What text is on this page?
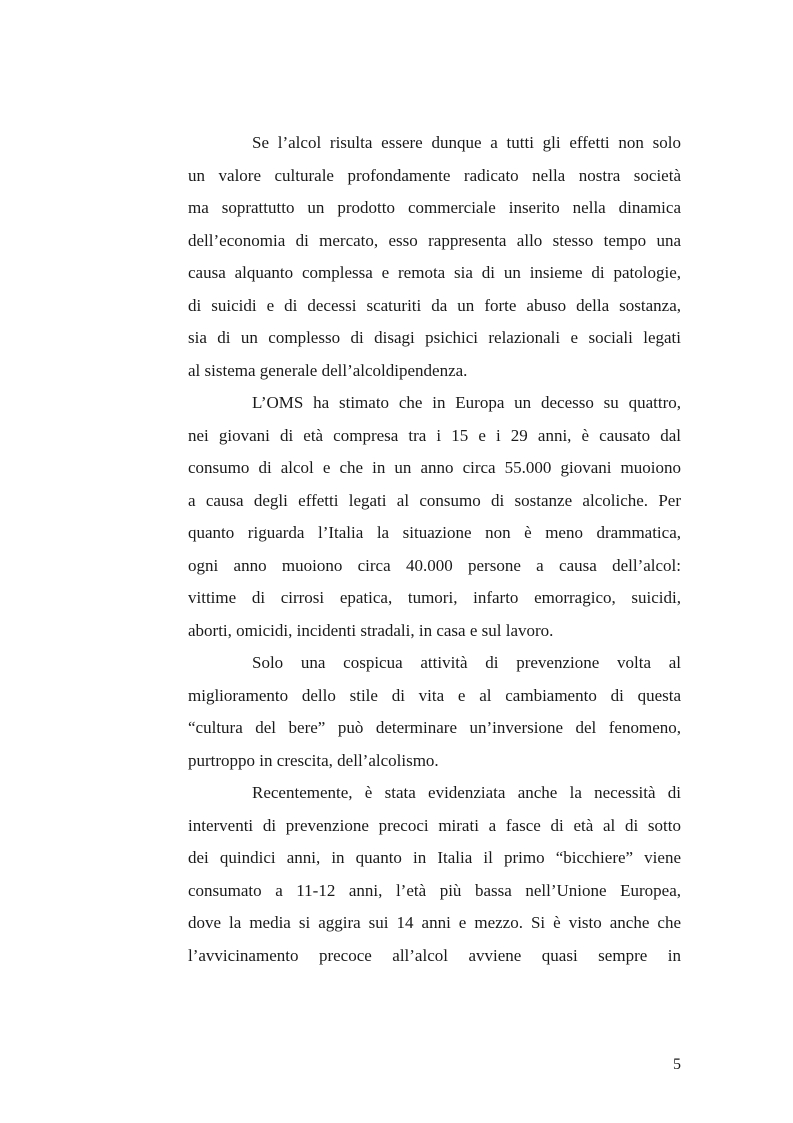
Se l’alcol risulta essere dunque a tutti gli effetti non solo
un valore culturale profondamente radicato nella nostra società
ma soprattutto un prodotto commerciale inserito nella dinamica
dell’economia di mercato, esso rappresenta allo stesso tempo una
causa alquanto complessa e remota sia di un insieme di patologie,
di suicidi e di decessi scaturiti da un forte abuso della sostanza,
sia di un complesso di disagi psichici relazionali e sociali legati
al sistema generale dell’alcoldipendenza.
L’OMS ha stimato che in Europa un decesso su quattro,
nei giovani di età compresa tra i 15 e i 29 anni, è causato dal
consumo di alcol e che in un anno circa 55.000 giovani muoiono
a causa degli effetti legati al consumo di sostanze alcoliche. Per
quanto riguarda l’Italia la situazione non è meno drammatica,
ogni anno muoiono circa 40.000 persone a causa dell’alcol:
vittime di cirrosi epatica, tumori, infarto emorragico, suicidi,
aborti, omicidi, incidenti stradali, in casa e sul lavoro.
Solo una cospicua attività di prevenzione volta al
miglioramento dello stile di vita e al cambiamento di questa
“cultura del bere” può determinare un’inversione del fenomeno,
purtroppo in crescita, dell’alcolismo.
Recentemente, è stata evidenziata anche la necessità di
interventi di prevenzione precoci mirati a fasce di età al di sotto
dei quindici anni, in quanto in Italia il primo “bicchiere” viene
consumato a 11-12 anni, l’età più bassa nell’Unione Europea,
dove la media si aggira sui 14 anni e mezzo. Si è visto anche che
l’avvicinamento precoce all’alcol avviene quasi sempre in
5
